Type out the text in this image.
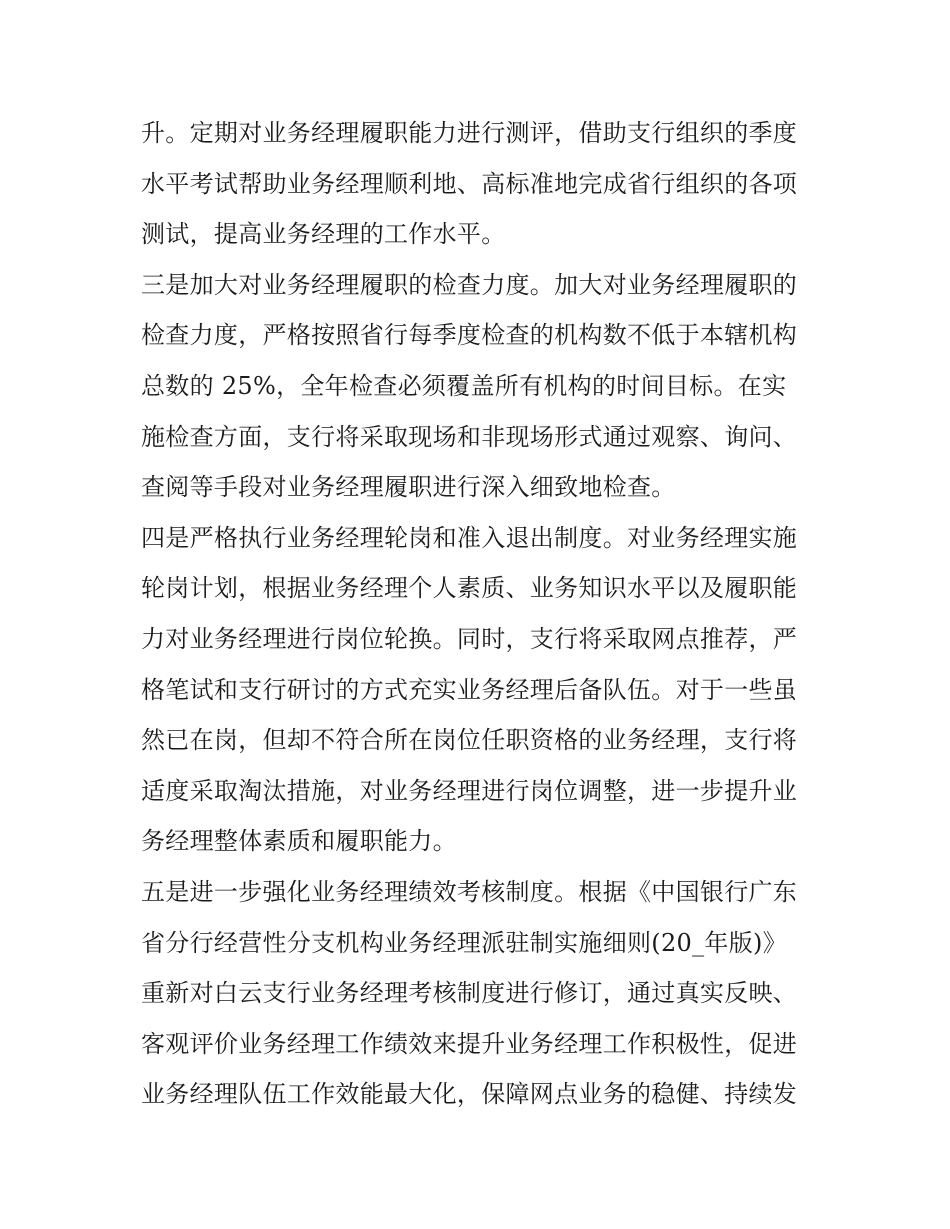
升。定期对业务经理履职能力进行测评，借助支行组织的季度
水平考试帮助业务经理顺利地、高标准地完成省行组织的各项
测试，提高业务经理的工作水平。
三是加大对业务经理履职的检查力度。加大对业务经理履职的
检查力度，严格按照省行每季度检查的机构数不低于本辖机构
总数的 25%，全年检查必须覆盖所有机构的时间目标。在实
施检查方面，支行将采取现场和非现场形式通过观察、询问、
查阅等手段对业务经理履职进行深入细致地检查。
四是严格执行业务经理轮岗和准入退出制度。对业务经理实施
轮岗计划，根据业务经理个人素质、业务知识水平以及履职能
力对业务经理进行岗位轮换。同时，支行将采取网点推荐，严
格笔试和支行研讨的方式充实业务经理后备队伍。对于一些虽
然已在岗，但却不符合所在岗位任职资格的业务经理，支行将
适度采取淘汰措施，对业务经理进行岗位调整，进一步提升业
务经理整体素质和履职能力。
五是进一步强化业务经理绩效考核制度。根据《中国银行广东
省分行经营性分支机构业务经理派驻制实施细则(20_年版)》
重新对白云支行业务经理考核制度进行修订，通过真实反映、
客观评价业务经理工作绩效来提升业务经理工作积极性，促进
业务经理队伍工作效能最大化，保障网点业务的稳健、持续发
